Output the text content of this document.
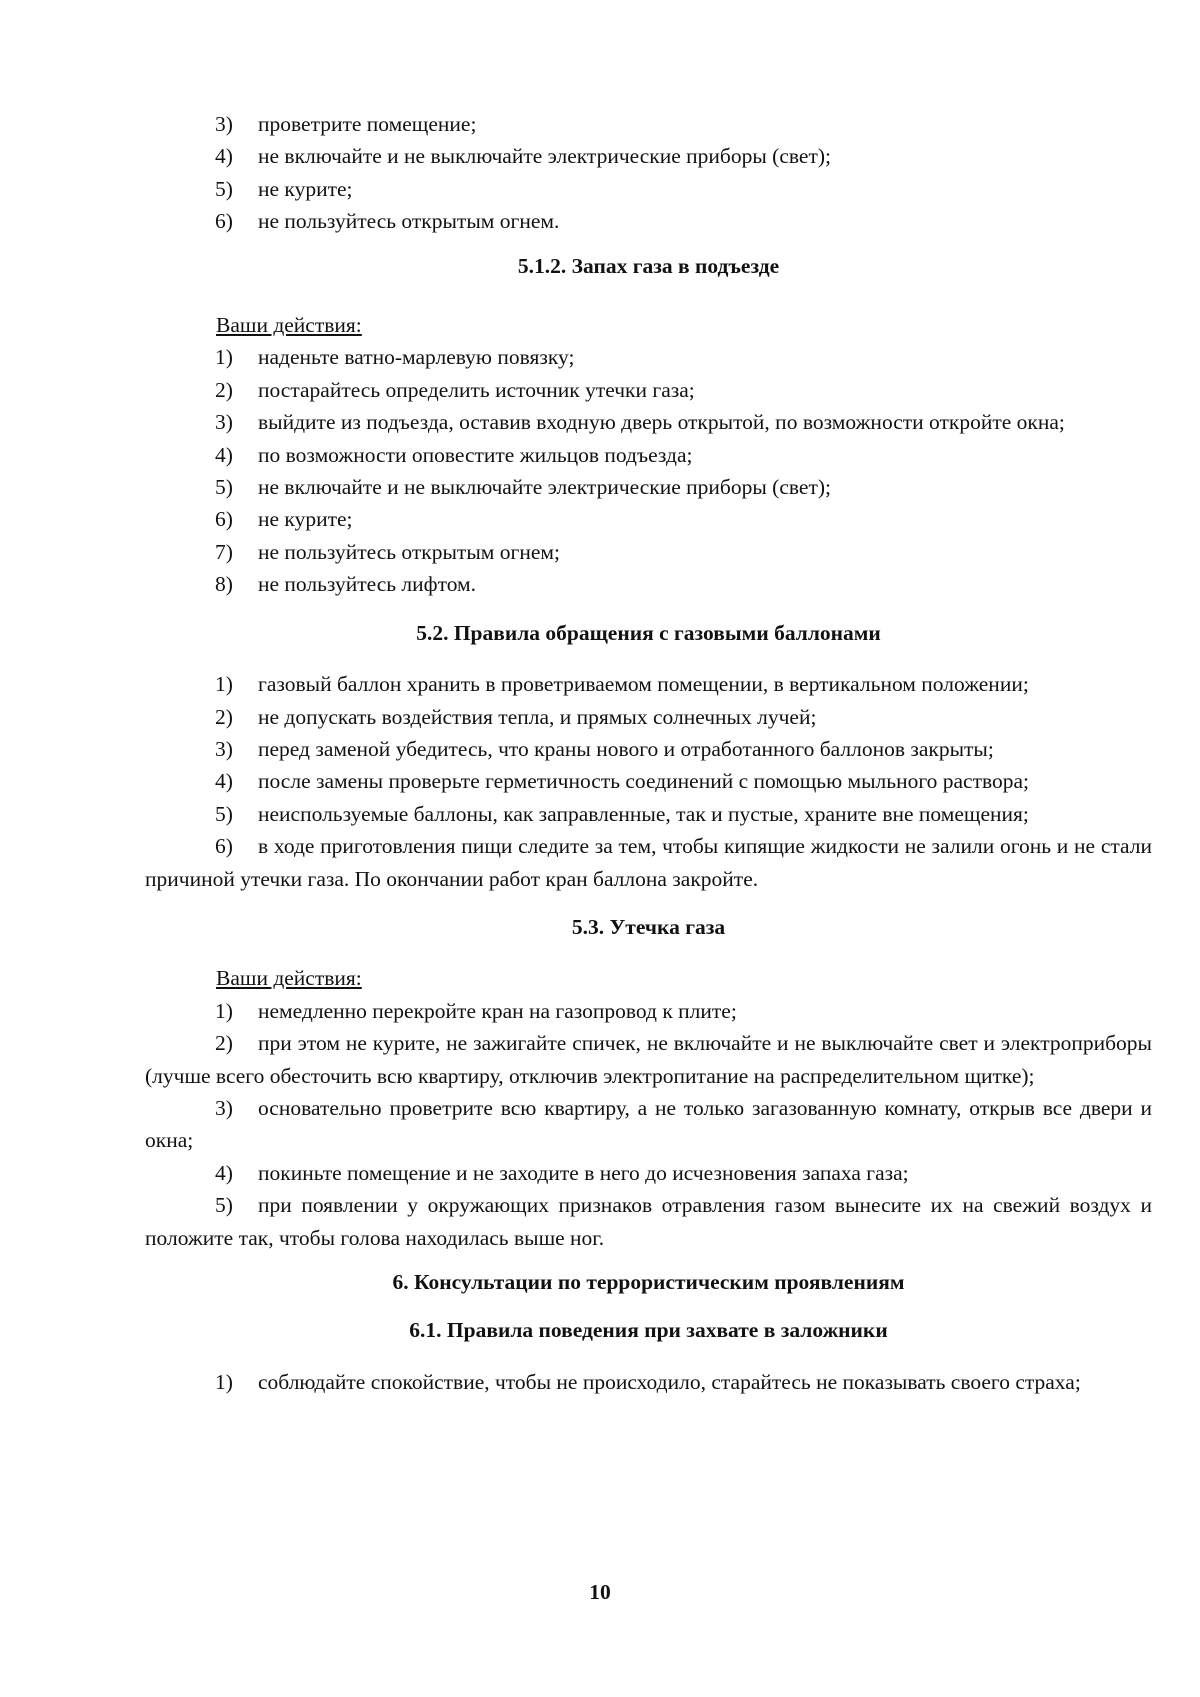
3) проветрите помещение;
4) не включайте и не выключайте электрические приборы (свет);
5) не курите;
6) не пользуйтесь открытым огнем.
5.1.2. Запах газа в подъезде
Ваши действия:
1) наденьте ватно-марлевую повязку;
2) постарайтесь определить источник утечки газа;
3) выйдите из подъезда, оставив входную дверь открытой, по возможности откройте окна;
4) по возможности оповестите жильцов подъезда;
5) не включайте и не выключайте электрические приборы (свет);
6) не курите;
7) не пользуйтесь открытым огнем;
8) не пользуйтесь лифтом.
5.2. Правила обращения с газовыми баллонами
1) газовый баллон хранить в проветриваемом помещении, в вертикальном положении;
2) не допускать воздействия тепла, и прямых солнечных лучей;
3) перед заменой убедитесь, что краны нового и отработанного баллонов закрыты;
4) после замены проверьте герметичность соединений с помощью мыльного раствора;
5) неиспользуемые баллоны, как заправленные, так и пустые, храните вне помещения;
6) в ходе приготовления пищи следите за тем, чтобы кипящие жидкости не залили огонь и не стали причиной утечки газа. По окончании работ кран баллона закройте.
5.3. Утечка газа
Ваши действия:
1) немедленно перекройте кран на газопровод к плите;
2) при этом не курите, не зажигайте спичек, не включайте и не выключайте свет и электроприборы (лучше всего обесточить всю квартиру, отключив электропитание на распределительном щитке);
3) основательно проветрите всю квартиру, а не только загазованную комнату, открыв все двери и окна;
4) покиньте помещение и не заходите в него до исчезновения запаха газа;
5) при появлении у окружающих признаков отравления газом вынесите их на свежий воздух и положите так, чтобы голова находилась выше ног.
6. Консультации по террористическим проявлениям
6.1. Правила поведения при захвате в заложники
1) соблюдайте спокойствие, чтобы не происходило, старайтесь не показывать своего страха;
10
